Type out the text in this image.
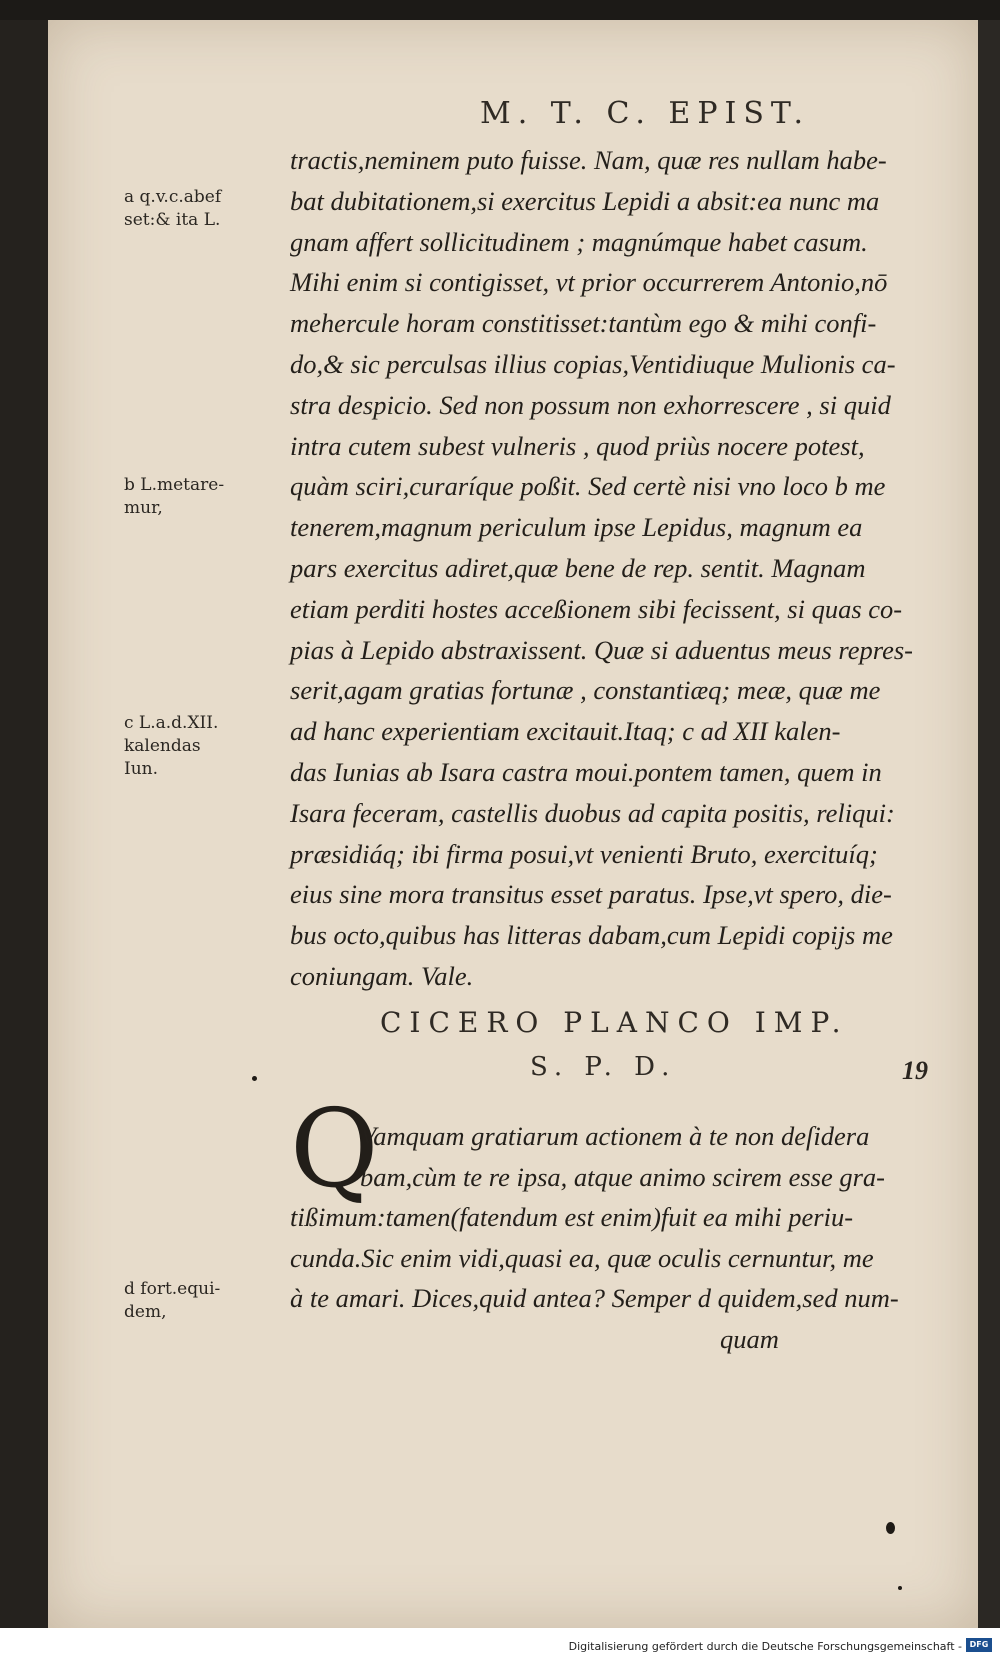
M. T. C. EPIST.
tractis,neminem puto fuisse. Nam, quæ res nullam habe-
bat dubitationem,si exercitus Lepidi a absit:ea nunc ma
gnam affert sollicitudinem ; magnúmque habet casum.
Mihi enim si contigisset, vt prior occurrerem Antonio,nō
mehercule horam constitisset:tantùm ego & mihi confi-
do,& sic perculsas illius copias,Ventidiuque Mulionis ca-
stra despicio. Sed non possum non exhorrescere , si quid
intra cutem subest vulneris , quod priùs nocere potest,
quàm sciri,curaríque poßit. Sed certè nisi vno loco b me
tenerem,magnum periculum ipse Lepidus, magnum ea
pars exercitus adiret,quæ bene de rep. sentit. Magnam
etiam perditi hostes acceßionem sibi fecissent, si quas co-
pias à Lepido abstraxissent. Quæ si aduentus meus repres-
serit,agam gratias fortunæ , constantiæq; meæ, quæ me
ad hanc experientiam excitauit.Itaq; c ad XII kalen-
das Iunias ab Isara castra moui.pontem tamen, quem in
Isara feceram, castellis duobus ad capita positis, reliqui:
præsidiáq; ibi firma posui,vt venienti Bruto, exercituíq;
eius sine mora transitus esset paratus. Ipse,vt spero, die-
bus octo,quibus has litteras dabam,cum Lepidi copijs me
coniungam. Vale.
a q.v.c.abef
set:& ita L.
b L.metare-
mur,
c L.a.d.XII.
kalendas
Iun.
d fort.equi-
dem,
CICERO PLANCO IMP.
S. P. D.	19
Q
Vamquam gratiarum actionem à te non deſidera
bam,cùm te re ipsa, atque animo scirem esse gra-
tißimum:tamen(fatendum est enim)fuit ea mihi periu-
cunda.Sic enim vidi,quasi ea, quæ oculis cernuntur, me
à te amari. Dices,quid antea? Semper d quidem,sed num-
quam
Digitalisierung gefördert durch die Deutsche Forschungsgemeinschaft - DFG
